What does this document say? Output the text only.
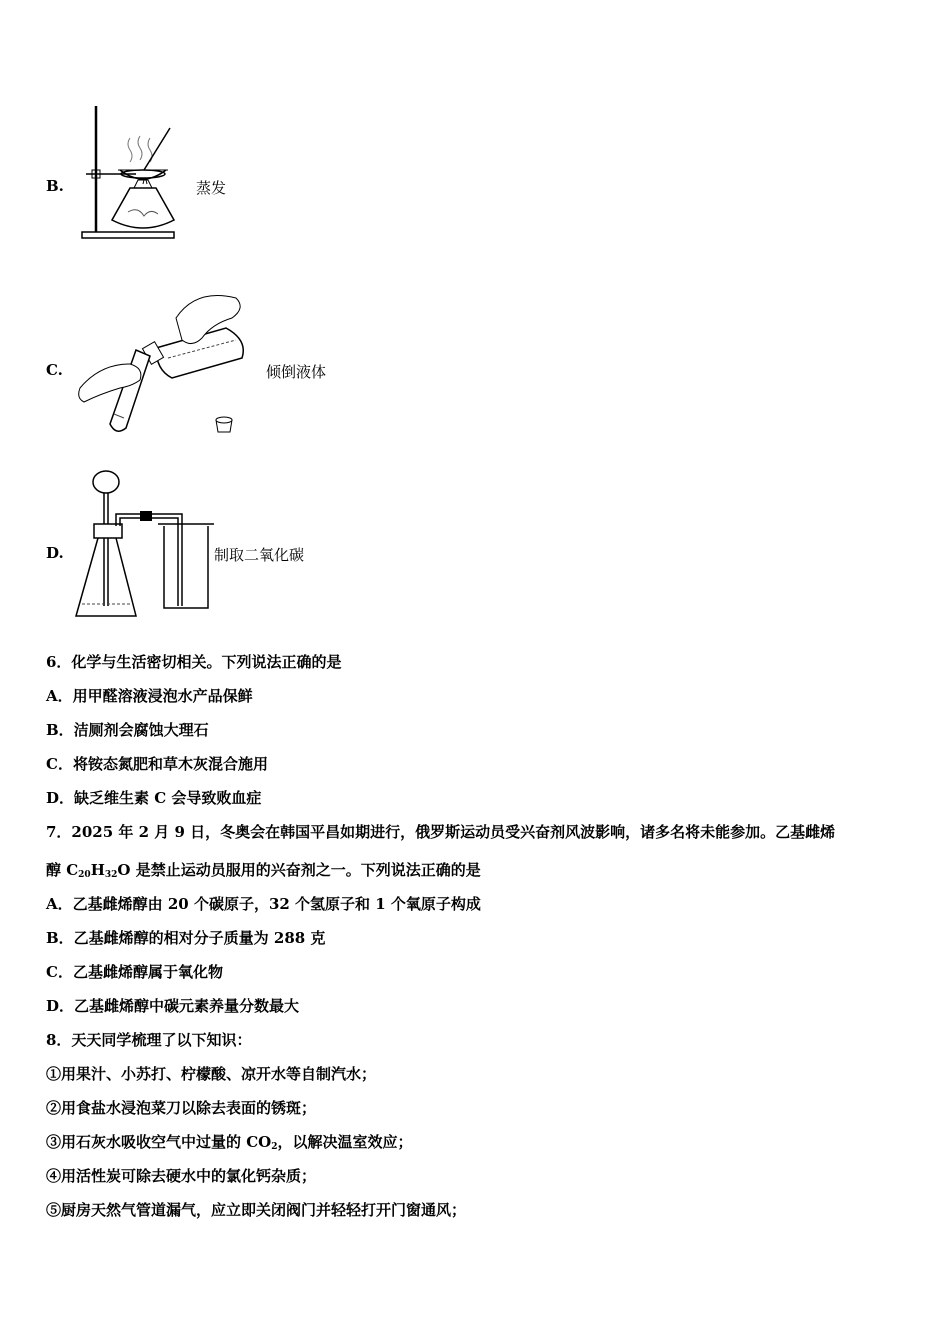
B.	蒸发
C.	倾倒液体
D.	制取二氧化碳
6．化学与生活密切相关。下列说法正确的是
A．用甲醛溶液浸泡水产品保鲜
B．洁厕剂会腐蚀大理石
C．将铵态氮肥和草木灰混合施用
D．缺乏维生素 C 会导致败血症
7．2025 年 2 月 9 日，冬奥会在韩国平昌如期进行，俄罗斯运动员受兴奋剂风波影响，诸多名将未能参加。乙基雌烯
醇 $C_{20}H_{32}O$ 是禁止运动员服用的兴奋剂之一。下列说法正确的是
A．乙基雌烯醇由 20 个碳原子，32 个氢原子和 1 个氧原子构成
B．乙基雌烯醇的相对分子质量为 288 克
C．乙基雌烯醇属于氧化物
D．乙基雌烯醇中碳元素养量分数最大
8．天天同学梳理了以下知识：
①用果汁、小苏打、柠檬酸、凉开水等自制汽水；
②用食盐水浸泡菜刀以除去表面的锈斑；
③用石灰水吸收空气中过量的 $CO_2$，以解决温室效应；
④用活性炭可除去硬水中的氯化钙杂质；
⑤厨房天然气管道漏气，应立即关闭阀门并轻轻打开门窗通风；
